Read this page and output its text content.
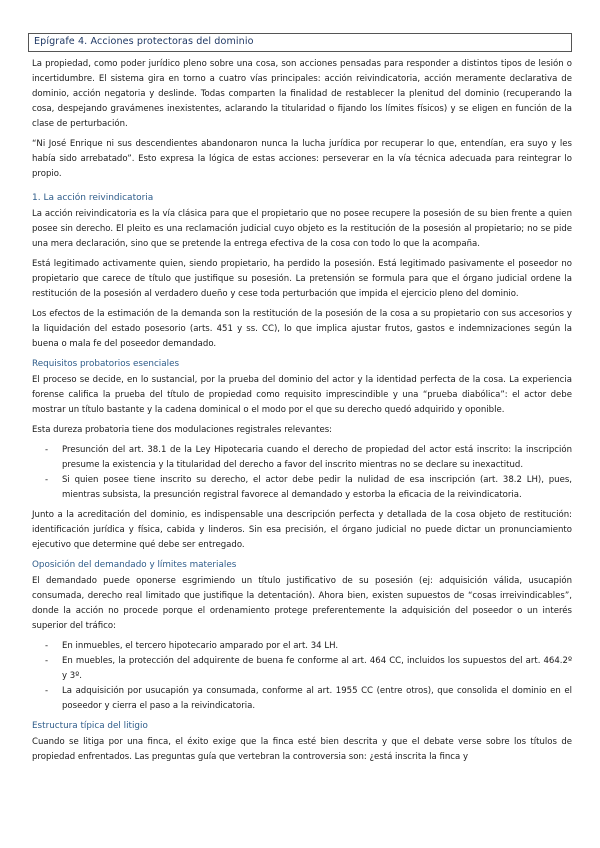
Epígrafe 4. Acciones protectoras del dominio

La propiedad, como poder jurídico pleno sobre una cosa, son acciones pensadas para responder a distintos tipos de lesión o incertidumbre. El sistema gira en torno a cuatro vías principales: acción reivindicatoria, acción meramente declarativa de dominio, acción negatoria y deslinde. Todas comparten la finalidad de restablecer la plenitud del dominio (recuperando la cosa, despejando gravámenes inexistentes, aclarando la titularidad o fijando los límites físicos) y se eligen en función de la clase de perturbación.

“Ni José Enrique ni sus descendientes abandonaron nunca la lucha jurídica por recuperar lo que, entendían, era suyo y les había sido arrebatado”. Esto expresa la lógica de estas acciones: perseverar en la vía técnica adecuada para reintegrar lo propio.

1. La acción reivindicatoria

La acción reivindicatoria es la vía clásica para que el propietario que no posee recupere la posesión de su bien frente a quien posee sin derecho. El pleito es una reclamación judicial cuyo objeto es la restitución de la posesión al propietario; no se pide una mera declaración, sino que se pretende la entrega efectiva de la cosa con todo lo que la acompaña.

Está legitimado activamente quien, siendo propietario, ha perdido la posesión. Está legitimado pasivamente el poseedor no propietario que carece de título que justifique su posesión. La pretensión se formula para que el órgano judicial ordene la restitución de la posesión al verdadero dueño y cese toda perturbación que impida el ejercicio pleno del dominio.

Los efectos de la estimación de la demanda son la restitución de la posesión de la cosa a su propietario con sus accesorios y la liquidación del estado posesorio (arts. 451 y ss. CC), lo que implica ajustar frutos, gastos e indemnizaciones según la buena o mala fe del poseedor demandado.

Requisitos probatorios esenciales

El proceso se decide, en lo sustancial, por la prueba del dominio del actor y la identidad perfecta de la cosa. La experiencia forense califica la prueba del título de propiedad como requisito imprescindible y una “prueba diabólica”: el actor debe mostrar un título bastante y la cadena dominical o el modo por el que su derecho quedó adquirido y oponible.

Esta dureza probatoria tiene dos modulaciones registrales relevantes:

- Presunción del art. 38.1 de la Ley Hipotecaria cuando el derecho de propiedad del actor está inscrito: la inscripción presume la existencia y la titularidad del derecho a favor del inscrito mientras no se declare su inexactitud.
- Si quien posee tiene inscrito su derecho, el actor debe pedir la nulidad de esa inscripción (art. 38.2 LH), pues, mientras subsista, la presunción registral favorece al demandado y estorba la eficacia de la reivindicatoria.

Junto a la acreditación del dominio, es indispensable una descripción perfecta y detallada de la cosa objeto de restitución: identificación jurídica y física, cabida y linderos. Sin esa precisión, el órgano judicial no puede dictar un pronunciamiento ejecutivo que determine qué debe ser entregado.

Oposición del demandado y límites materiales

El demandado puede oponerse esgrimiendo un título justificativo de su posesión (ej: adquisición válida, usucapión consumada, derecho real limitado que justifique la detentación). Ahora bien, existen supuestos de “cosas irreivindicables”, donde la acción no procede porque el ordenamiento protege preferentemente la adquisición del poseedor o un interés superior del tráfico:

- En inmuebles, el tercero hipotecario amparado por el art. 34 LH.
- En muebles, la protección del adquirente de buena fe conforme al art. 464 CC, incluidos los supuestos del art. 464.2º y 3º.
- La adquisición por usucapión ya consumada, conforme al art. 1955 CC (entre otros), que consolida el dominio en el poseedor y cierra el paso a la reivindicatoria.
Estructura típica del litigio

Cuando se litiga por una finca, el éxito exige que la finca esté bien descrita y que el debate verse sobre los títulos de propiedad enfrentados. Las preguntas guía que vertebran la controversia son: ¿está inscrita la finca y
